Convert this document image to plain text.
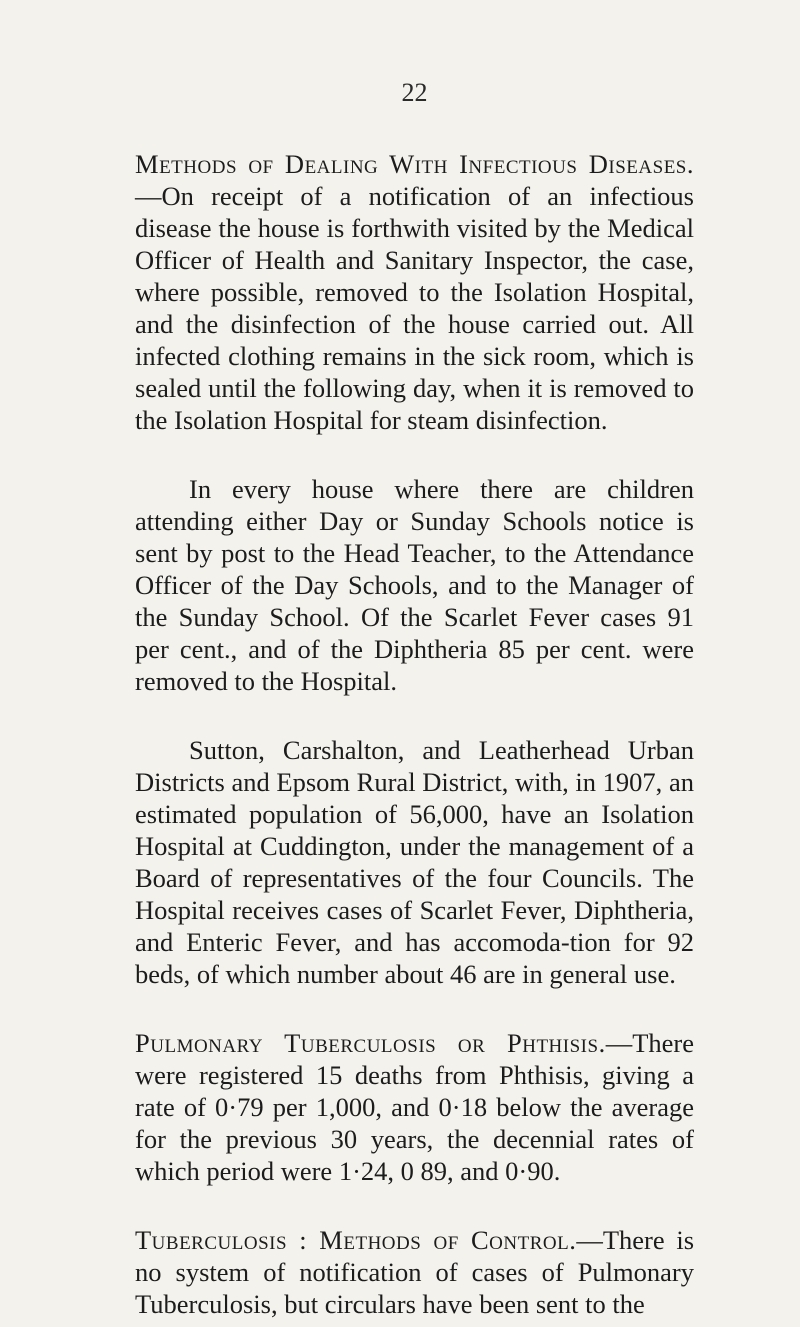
22

Methods of Dealing With Infectious Diseases.—On receipt of a notification of an infectious disease the house is forthwith visited by the Medical Officer of Health and Sanitary Inspector, the case, where possible, removed to the Isolation Hospital, and the disinfection of the house carried out. All infected clothing remains in the sick room, which is sealed until the following day, when it is removed to the Isolation Hospital for steam disinfection.

In every house where there are children attending either Day or Sunday Schools notice is sent by post to the Head Teacher, to the Attendance Officer of the Day Schools, and to the Manager of the Sunday School. Of the Scarlet Fever cases 91 per cent., and of the Diphtheria 85 per cent. were removed to the Hospital.

Sutton, Carshalton, and Leatherhead Urban Districts and Epsom Rural District, with, in 1907, an estimated population of 56,000, have an Isolation Hospital at Cuddington, under the management of a Board of representatives of the four Councils. The Hospital receives cases of Scarlet Fever, Diphtheria, and Enteric Fever, and has accomoda-tion for 92 beds, of which number about 46 are in general use.

Pulmonary Tuberculosis or Phthisis.—There were registered 15 deaths from Phthisis, giving a rate of 0·79 per 1,000, and 0·18 below the average for the previous 30 years, the decennial rates of which period were 1·24, 0 89, and 0·90.

Tuberculosis : Methods of Control.—There is no system of notification of cases of Pulmonary Tuberculosis, but circulars have been sent to the
